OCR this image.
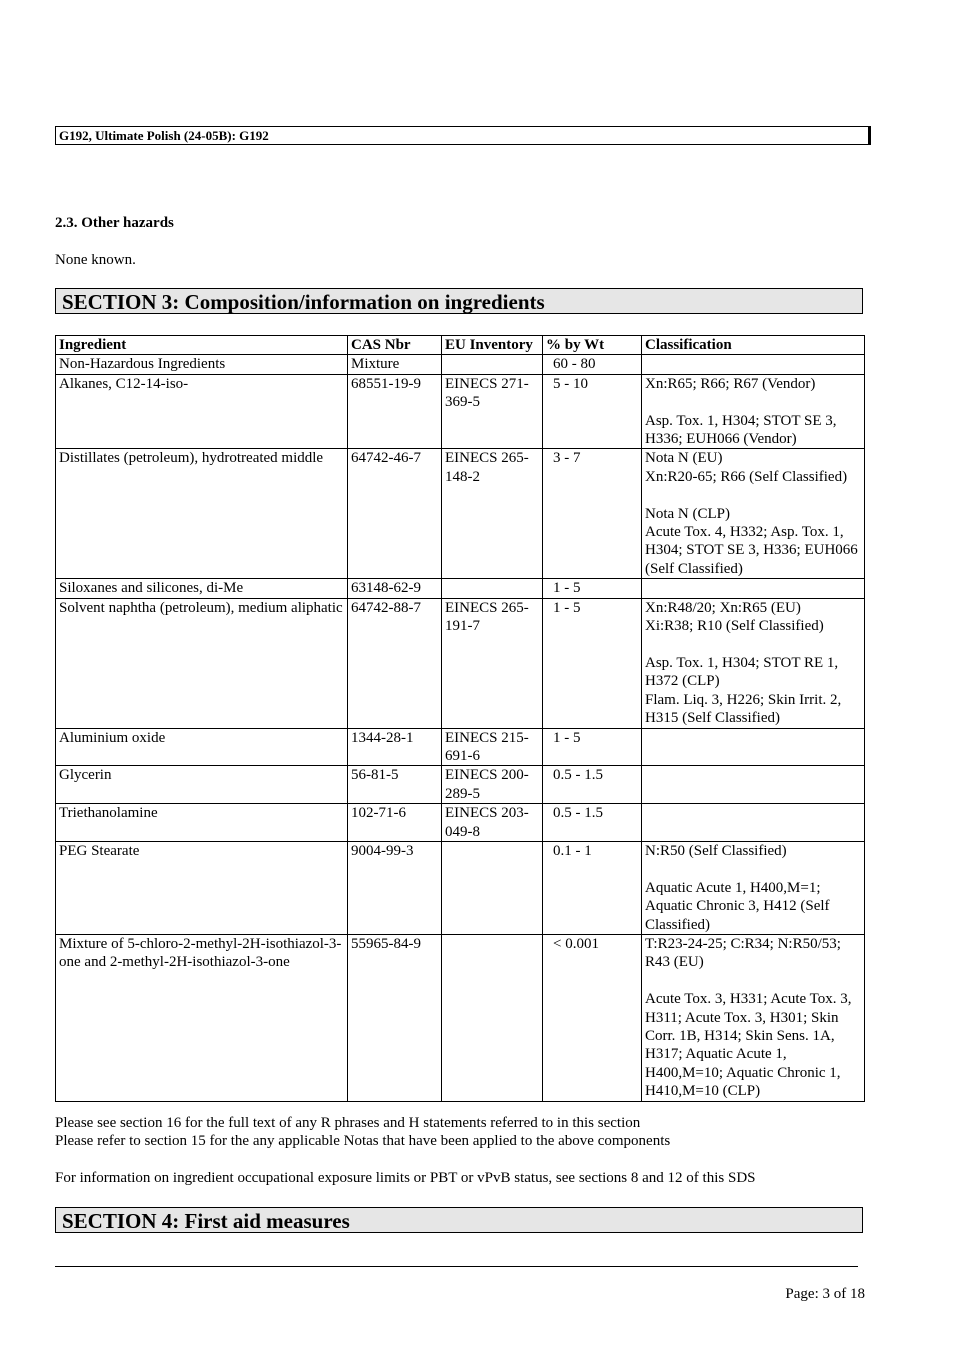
G192, Ultimate Polish (24-05B): G192
2.3. Other hazards
None known.
SECTION 3: Composition/information on ingredients
Ingredient	CAS Nbr	EU Inventory	% by Wt	Classification
Non-Hazardous Ingredients	Mixture		60 - 80	
Alkanes, C12-14-iso-	68551-19-9	EINECS 271-369-5	5 - 10	Xn:R65; R66; R67 (Vendor)

Asp. Tox. 1, H304; STOT SE 3, H336; EUH066 (Vendor)
Distillates (petroleum), hydrotreated middle	64742-46-7	EINECS 265-148-2	3 - 7	Nota N (EU)
Xn:R20-65; R66 (Self Classified)

Nota N (CLP)
Acute Tox. 4, H332; Asp. Tox. 1, H304; STOT SE 3, H336; EUH066 (Self Classified)
Siloxanes and silicones, di-Me	63148-62-9		1 - 5	
Solvent naphtha (petroleum), medium aliphatic	64742-88-7	EINECS 265-191-7	1 - 5	Xn:R48/20; Xn:R65 (EU)
Xi:R38; R10 (Self Classified)

Asp. Tox. 1, H304; STOT RE 1, H372 (CLP)
Flam. Liq. 3, H226; Skin Irrit. 2, H315 (Self Classified)
Aluminium oxide	1344-28-1	EINECS 215-691-6	1 - 5	
Glycerin	56-81-5	EINECS 200-289-5	0.5 - 1.5	
Triethanolamine	102-71-6	EINECS 203-049-8	0.5 - 1.5	
PEG Stearate	9004-99-3		0.1 - 1	N:R50 (Self Classified)

Aquatic Acute 1, H400,M=1; Aquatic Chronic 3, H412 (Self Classified)
Mixture of 5-chloro-2-methyl-2H-isothiazol-3-one and 2-methyl-2H-isothiazol-3-one	55965-84-9		< 0.001	T:R23-24-25; C:R34; N:R50/53; R43 (EU)

Acute Tox. 3, H331; Acute Tox. 3, H311; Acute Tox. 3, H301; Skin Corr. 1B, H314; Skin Sens. 1A, H317; Aquatic Acute 1, H400,M=10; Aquatic Chronic 1, H410,M=10 (CLP)
Please see section 16 for the full text of any R phrases and H statements referred to in this section
Please refer to section 15 for the any applicable Notas that have been applied to the above components
For information on ingredient occupational exposure limits or PBT or vPvB status, see sections 8 and 12 of this SDS
SECTION 4: First aid measures
Page: 3 of 18
